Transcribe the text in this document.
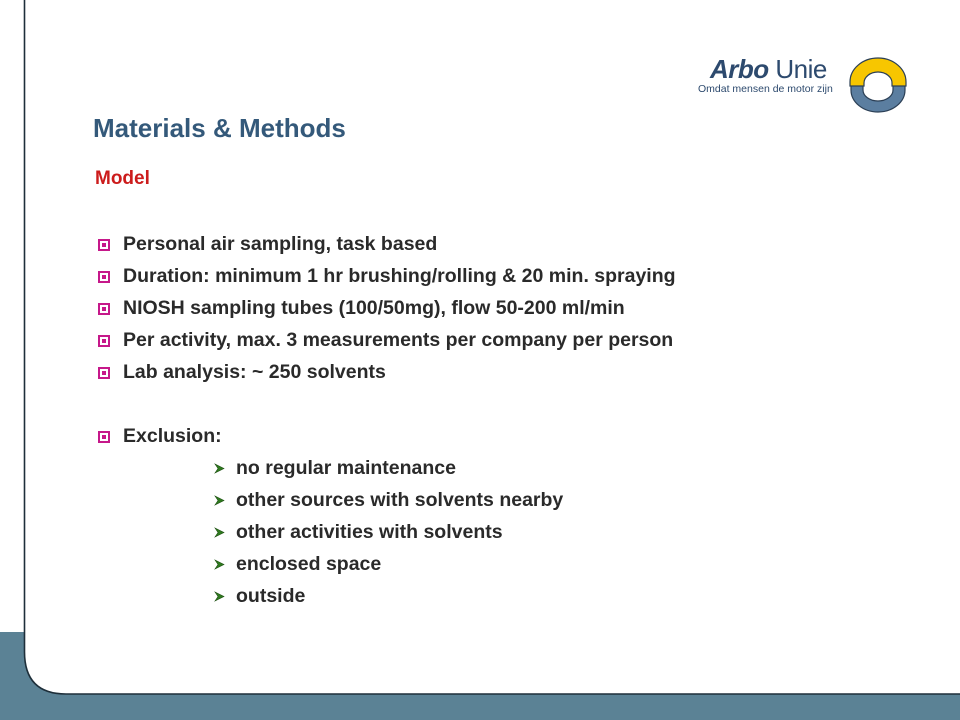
Arbo Unie
Omdat mensen de motor zijn
Materials & Methods
Model
Personal air sampling, task based
Duration: minimum 1 hr brushing/rolling & 20 min. spraying
NIOSH sampling tubes (100/50mg), flow 50-200 ml/min
Per activity, max. 3 measurements per company per person
Lab analysis: ~ 250 solvents
Exclusion:
no regular maintenance
other sources with solvents nearby
other activities with solvents
enclosed space
outside
